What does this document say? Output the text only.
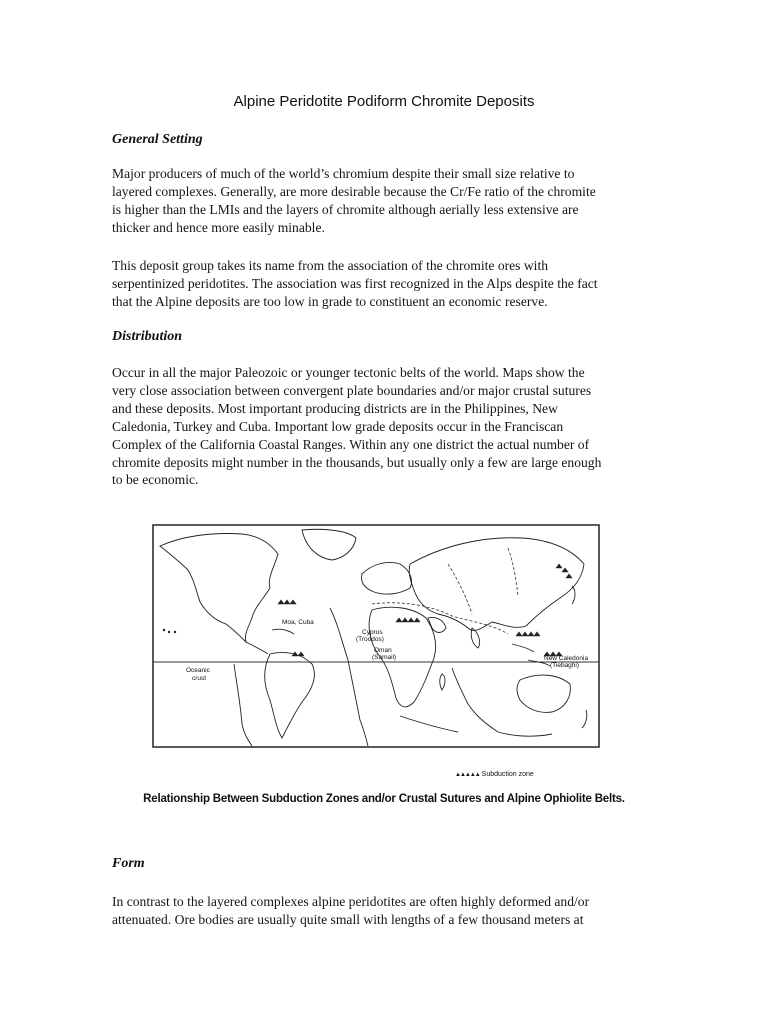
Alpine Peridotite Podiform Chromite Deposits
General Setting

Major producers of much of the world’s chromium despite their small size relative to
layered complexes. Generally, are more desirable because the Cr/Fe ratio of the chromite
is higher than the LMIs and the layers of chromite although aerially less extensive are
thicker and hence more easily minable.

This deposit group takes its name from the association of the chromite ores with
serpentinized peridotites. The association was first recognized in the Alps despite the fact
that the Alpine deposits are too low in grade to constituent an economic reserve.

Distribution

Occur in all the major Paleozoic or younger tectonic belts of the world. Maps show the
very close association between convergent plate boundaries and/or major crustal sutures
and these deposits. Most important producing districts are in the Philippines, New
Caledonia, Turkey and Cuba. Important low grade deposits occur in the Franciscan
Complex of the California Coastal Ranges. Within any one district the actual number of
chromite deposits might number in the thousands, but usually only a few are large enough
to be economic.

Moa, Cuba
Oceanic
crust
Cyprus
(Troodos)
Oman
(Samail)	New Caledonia
(Tiebaghi)
▲▲▲▲▲ Subduction zone
Relationship Between Subduction Zones and/or Crustal Sutures and Alpine Ophiolite Belts.
Form

In contrast to the layered complexes alpine peridotites are often highly deformed and/or
attenuated. Ore bodies are usually quite small with lengths of a few thousand meters at
